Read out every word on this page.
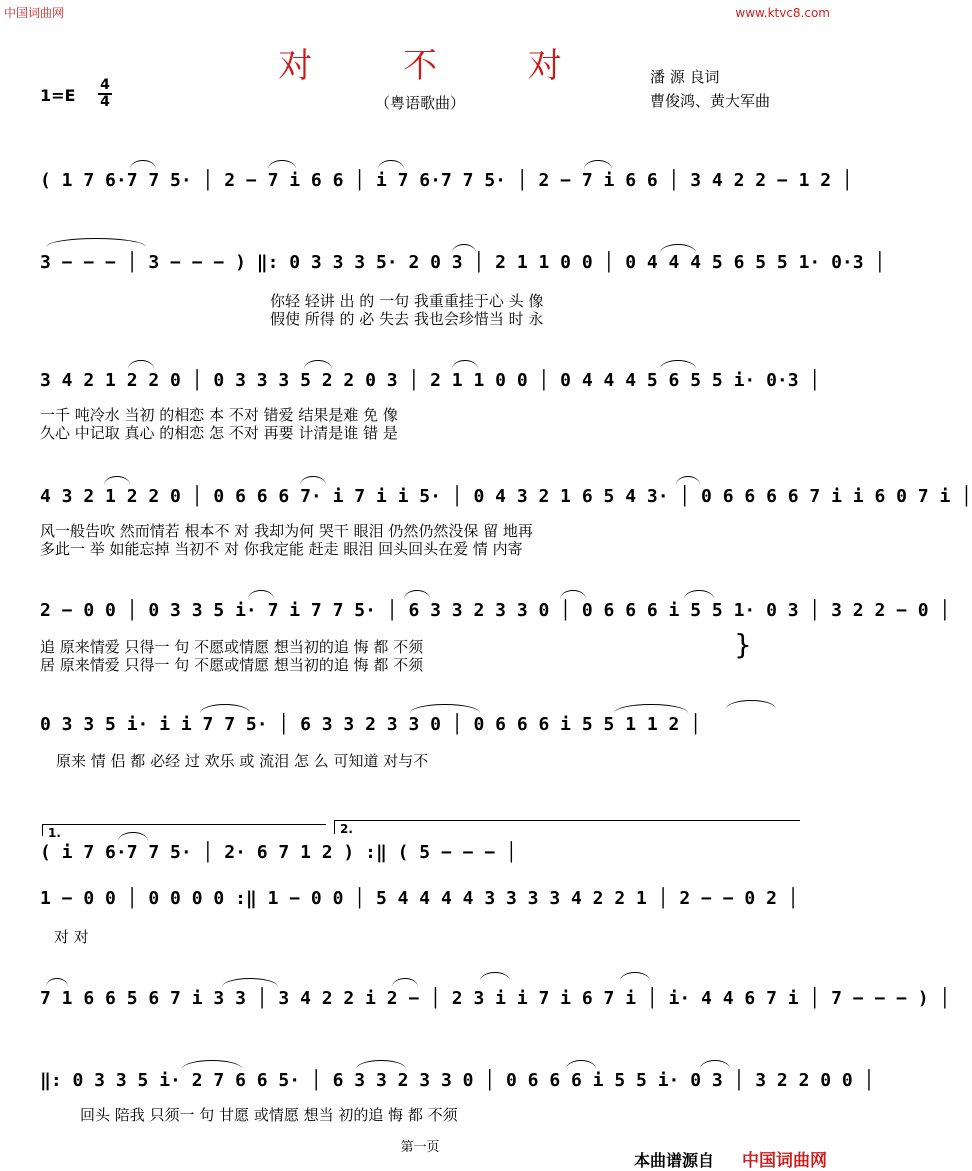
中国词曲网	www.ktvc8.com
对 不 对
（粤语歌曲）
1=E
4
4
潘 源 良词
曹俊鸿、黄大军曲
( 1 7 6·7 7 5· │ 2 − 7 i 6 6 │ i 7 6·7 7 5· │ 2 − 7 i 6 6 │ 3 4 2 2 − 1 2 │
3 − − − │ 3 − − − ) ‖: 0 3 3 3 5· 2 0 3 │ 2 1 1 0 0 │ 0 4 4 4 5 6 5 5 1· 0·3 │
你轻 轻讲 出 的 一句 我重重挂于心 头 像
假使 所得 的 必 失去 我也会珍惜当 时 永
3 4 2 1 2 2 0 │ 0 3 3 3 5 2 2 0 3 │ 2 1 1 0 0 │ 0 4 4 4 5 6 5 5 i· 0·3 │
一千 吨冷水 当初 的相恋 本 不对 错爱 结果是难 免 像
久心 中记取 真心 的相恋 怎 不对 再要 计清是谁 错 是
4 3 2 1 2 2 0 │ 0 6 6 6 7· i 7 i i 5· │ 0 4 3 2 1 6 5 4 3· │ 0 6 6 6 6 7 i i 6 0 7 i │
风一般告吹 然而情若 根本不 对 我却为何 哭干 眼泪 仍然仍然没保 留 地再
多此一 举 如能忘掉 当初不 对 你我定能 赶走 眼泪 回头回头在爱 情 内寄
2 − 0 0 │ 0 3 3 5 i· 7 i 7 7 5· │ 6 3 3 2 3 3 0 │ 0 6 6 6 i 5 5 1· 0 3 │ 3 2 2 − 0 │
追 原来情爱 只得一 句 不愿或情愿 想当初的追 悔 都 不须
居 原来情爱 只得一 句 不愿或情愿 想当初的追 悔 都 不须
}
0 3 3 5 i· i i 7 7 5· │ 6 3 3 2 3 3 0 │ 0 6 6 6 i 5 5 1 1 2 │
原来 情 侣 都 必经 过 欢乐 或 流泪 怎 么 可知道 对与不
1.	2.
( i 7 6·7 7 5· │ 2· 6 7 1 2 ) :‖ ( 5 − − − │
1 − 0 0 │ 0 0 0 0 :‖ 1 − 0 0 │ 5 4 4 4 4 3 3 3 3 4 2 2 1 │ 2 − − 0 2 │
对 对
7 1 6 6 5 6 7 i 3 3 │ 3 4 2 2 i 2 − │ 2 3 i i 7 i 6 7 i │ i· 4 4 6 7 i │ 7 − − − ) │
‖: 0 3 3 5 i· 2 7 6 6 5· │ 6 3 3 2 3 3 0 │ 0 6 6 6 i 5 5 i· 0 3 │ 3 2 2 0 0 │
回头 陪我 只须一 句 甘愿 或情愿 想当 初的追 悔 都 不须
第一页
本曲谱源自 中国词曲网
